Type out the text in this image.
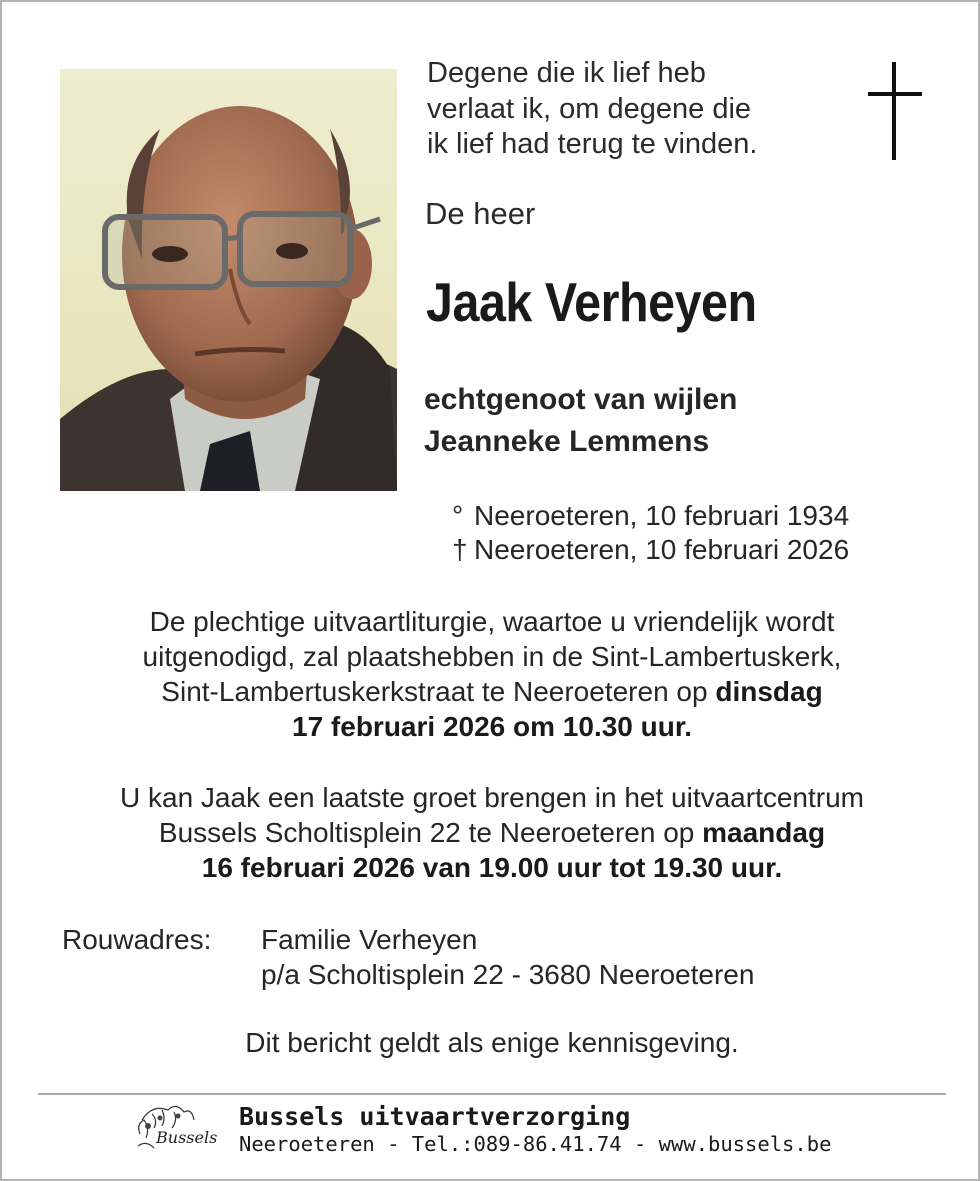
Degene die ik lief heb
verlaat ik, om degene die
ik lief had terug te vinden.
De heer
Jaak Verheyen
echtgenoot van wijlen
Jeanneke Lemmens
° Neeroeteren, 10 februari 1934
† Neeroeteren, 10 februari 2026
De plechtige uitvaartliturgie, waartoe u vriendelijk wordt
uitgenodigd, zal plaatshebben in de Sint-Lambertuskerk,
Sint-Lambertuskerkstraat te Neeroeteren op dinsdag
17 februari 2026 om 10.30 uur.
U kan Jaak een laatste groet brengen in het uitvaartcentrum
Bussels Scholtisplein 22 te Neeroeteren op maandag
16 februari 2026 van 19.00 uur tot 19.30 uur.
Rouwadres: Familie Verheyen
p/a Scholtisplein 22 - 3680 Neeroeteren
Dit bericht geldt als enige kennisgeving.
Bussels
Bussels uitvaartverzorging
Neeroeteren - Tel.:089-86.41.74 - www.bussels.be
